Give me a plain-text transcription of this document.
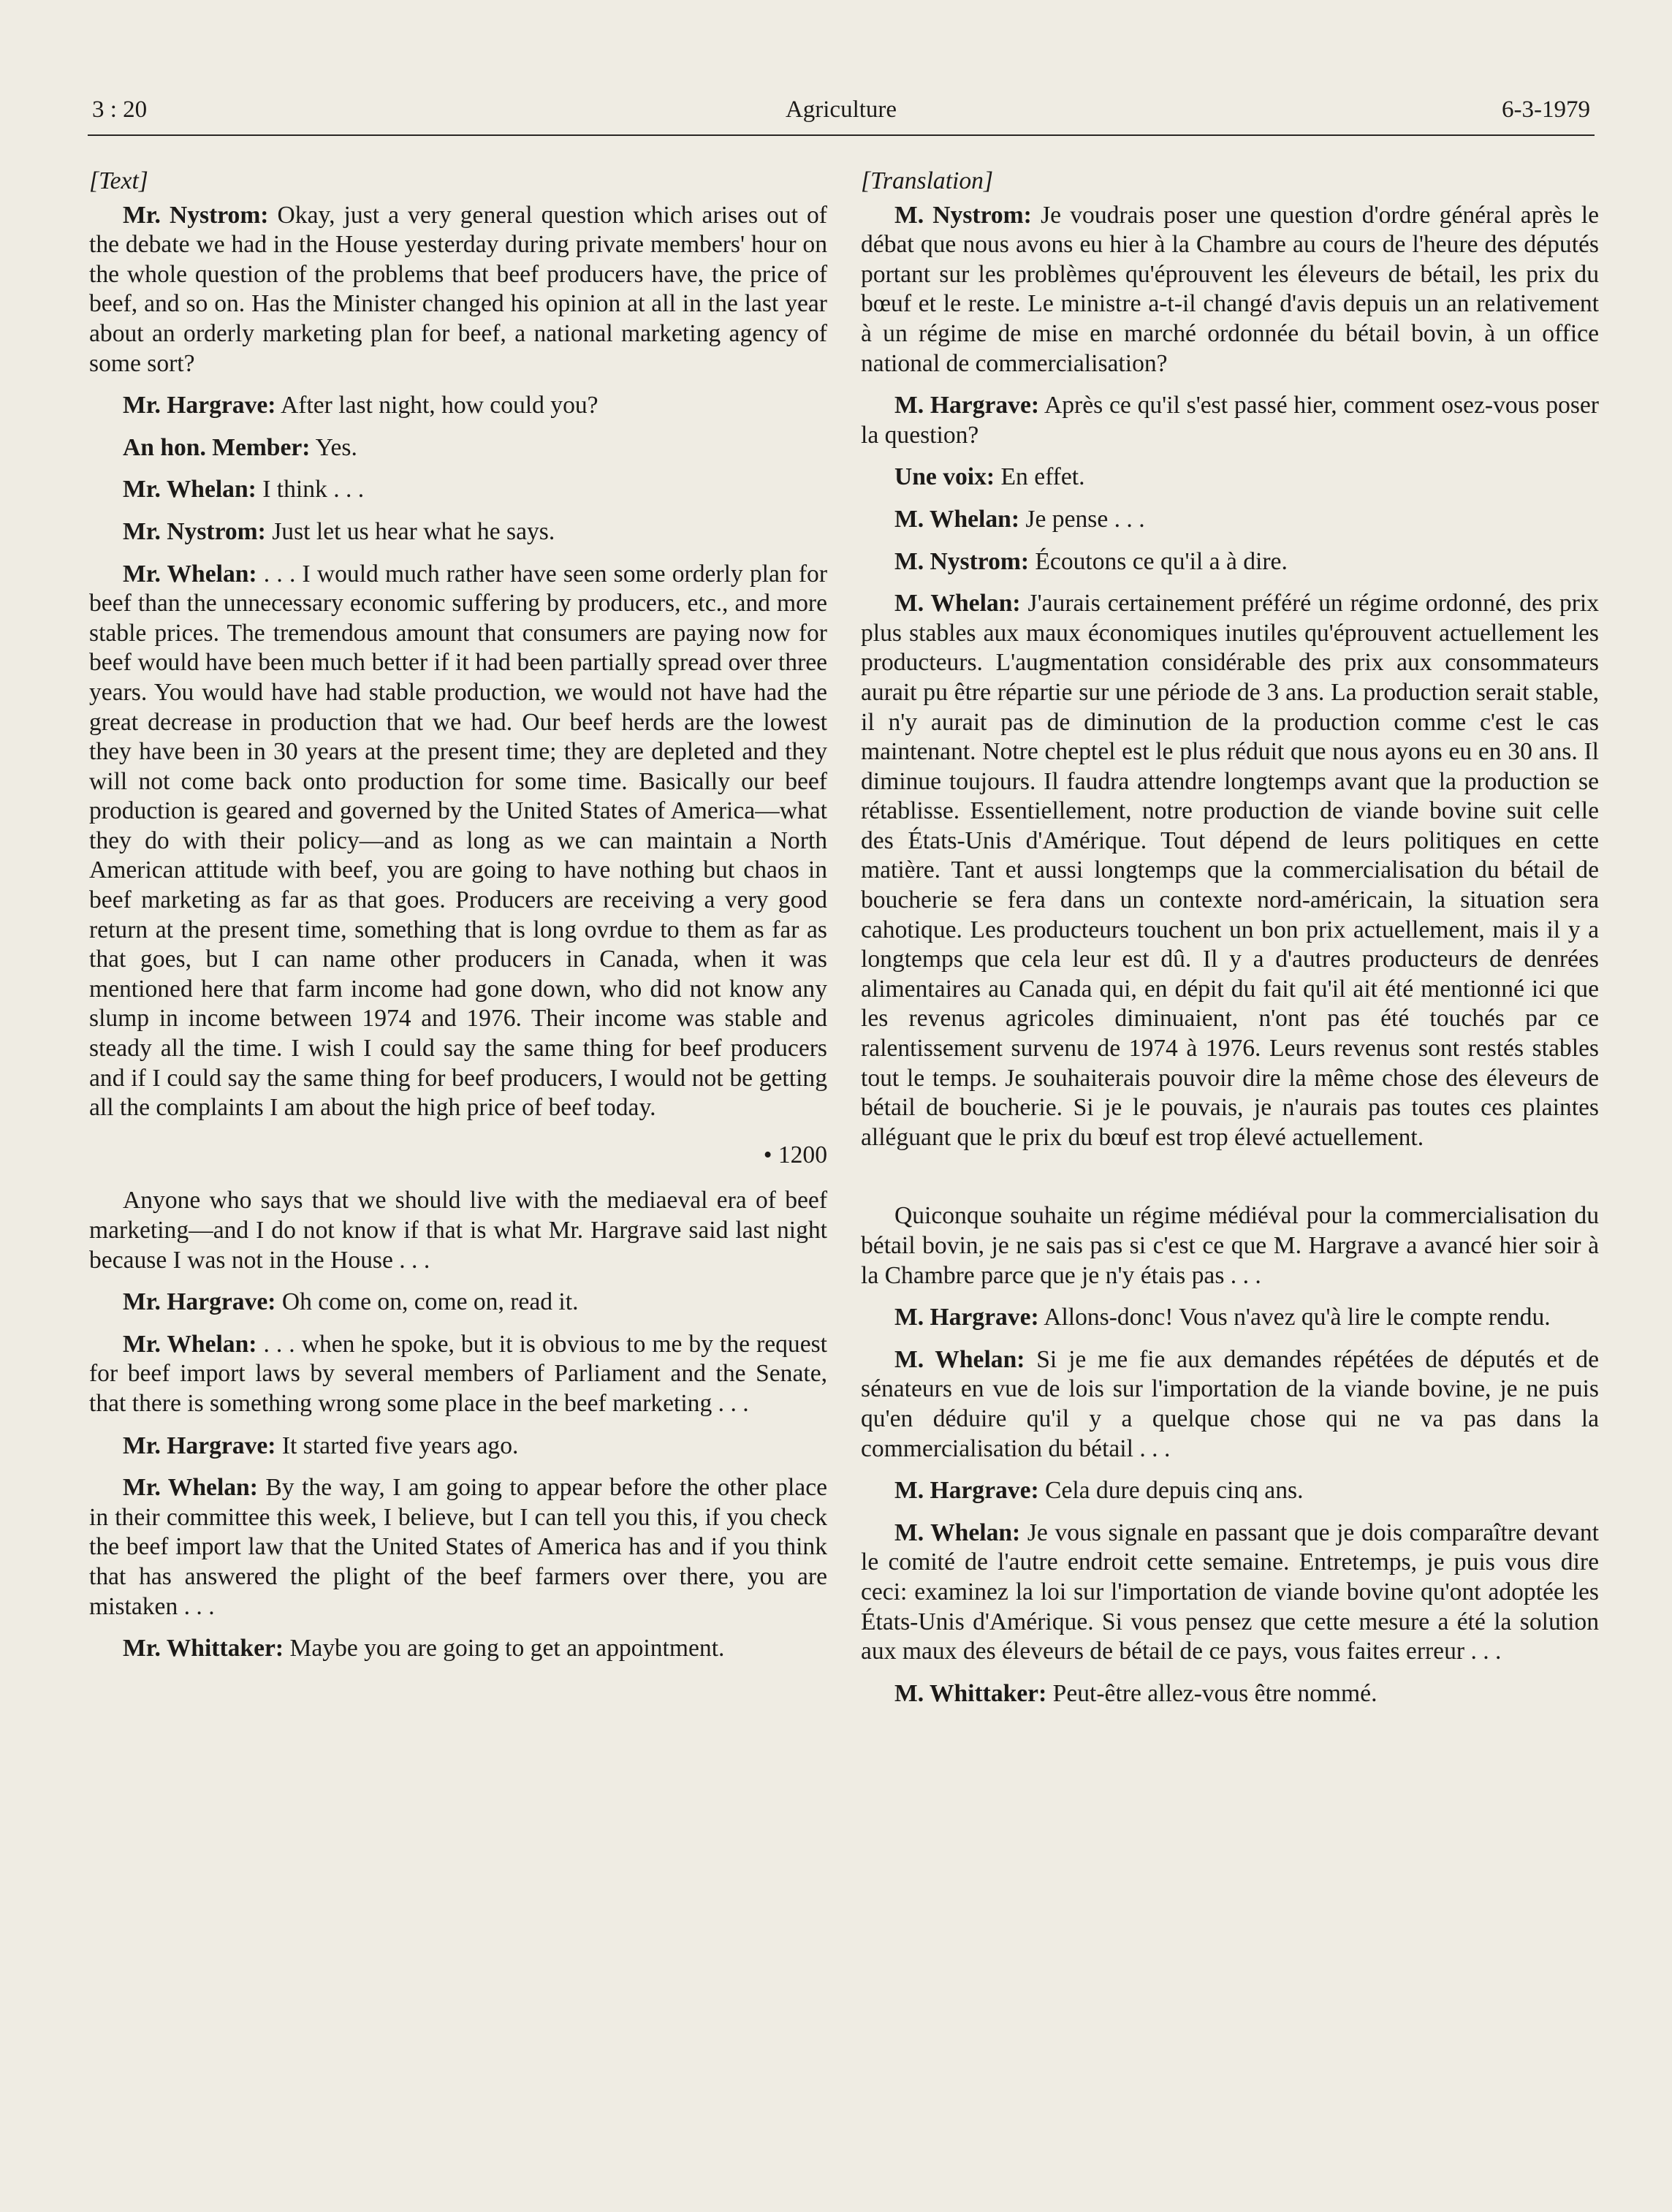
3 : 20	Agriculture	6-3-1979

[Text]

Mr. Nystrom: Okay, just a very general question which arises out of the debate we had in the House yesterday during private members' hour on the whole question of the problems that beef producers have, the price of beef, and so on. Has the Minister changed his opinion at all in the last year about an orderly marketing plan for beef, a national marketing agency of some sort?

Mr. Hargrave: After last night, how could you?

An hon. Member: Yes.

Mr. Whelan: I think . . .

Mr. Nystrom: Just let us hear what he says.

Mr. Whelan: . . . I would much rather have seen some orderly plan for beef than the unnecessary economic suffering by producers, etc., and more stable prices. The tremendous amount that consumers are paying now for beef would have been much better if it had been partially spread over three years. You would have had stable production, we would not have had the great decrease in production that we had. Our beef herds are the lowest they have been in 30 years at the present time; they are depleted and they will not come back onto production for some time. Basically our beef production is geared and governed by the United States of America—what they do with their policy—and as long as we can maintain a North American attitude with beef, you are going to have nothing but chaos in beef marketing as far as that goes. Producers are receiving a very good return at the present time, something that is long ovrdue to them as far as that goes, but I can name other producers in Canada, when it was mentioned here that farm income had gone down, who did not know any slump in income between 1974 and 1976. Their income was stable and steady all the time. I wish I could say the same thing for beef producers and if I could say the same thing for beef producers, I would not be getting all the complaints I am about the high price of beef today.

• 1200

Anyone who says that we should live with the mediaeval era of beef marketing—and I do not know if that is what Mr. Hargrave said last night because I was not in the House . . .

Mr. Hargrave: Oh come on, come on, read it.

Mr. Whelan: . . . when he spoke, but it is obvious to me by the request for beef import laws by several members of Parliament and the Senate, that there is something wrong some place in the beef marketing . . .

Mr. Hargrave: It started five years ago.

Mr. Whelan: By the way, I am going to appear before the other place in their committee this week, I believe, but I can tell you this, if you check the beef import law that the United States of America has and if you think that has answered the plight of the beef farmers over there, you are mistaken . . .

Mr. Whittaker: Maybe you are going to get an appointment.

[Translation]

M. Nystrom: Je voudrais poser une question d'ordre général après le débat que nous avons eu hier à la Chambre au cours de l'heure des députés portant sur les problèmes qu'éprouvent les éleveurs de bétail, les prix du bœuf et le reste. Le ministre a-t-il changé d'avis depuis un an relativement à un régime de mise en marché ordonnée du bétail bovin, à un office national de commercialisation?

M. Hargrave: Après ce qu'il s'est passé hier, comment osez-vous poser la question?

Une voix: En effet.

M. Whelan: Je pense . . .

M. Nystrom: Écoutons ce qu'il a à dire.

M. Whelan: J'aurais certainement préféré un régime ordonné, des prix plus stables aux maux économiques inutiles qu'éprouvent actuellement les producteurs. L'augmentation considérable des prix aux consommateurs aurait pu être répartie sur une période de 3 ans. La production serait stable, il n'y aurait pas de diminution de la production comme c'est le cas maintenant. Notre cheptel est le plus réduit que nous ayons eu en 30 ans. Il diminue toujours. Il faudra attendre longtemps avant que la production se rétablisse. Essentiellement, notre production de viande bovine suit celle des États-Unis d'Amérique. Tout dépend de leurs politiques en cette matière. Tant et aussi longtemps que la commercialisation du bétail de boucherie se fera dans un contexte nord-américain, la situation sera cahotique. Les producteurs touchent un bon prix actuellement, mais il y a longtemps que cela leur est dû. Il y a d'autres producteurs de denrées alimentaires au Canada qui, en dépit du fait qu'il ait été mentionné ici que les revenus agricoles diminuaient, n'ont pas été touchés par ce ralentissement survenu de 1974 à 1976. Leurs revenus sont restés stables tout le temps. Je souhaiterais pouvoir dire la même chose des éleveurs de bétail de boucherie. Si je le pouvais, je n'aurais pas toutes ces plaintes alléguant que le prix du bœuf est trop élevé actuellement.

Quiconque souhaite un régime médiéval pour la commercialisation du bétail bovin, je ne sais pas si c'est ce que M. Hargrave a avancé hier soir à la Chambre parce que je n'y étais pas . . .

M. Hargrave: Allons-donc! Vous n'avez qu'à lire le compte rendu.

M. Whelan: Si je me fie aux demandes répétées de députés et de sénateurs en vue de lois sur l'importation de la viande bovine, je ne puis qu'en déduire qu'il y a quelque chose qui ne va pas dans la commercialisation du bétail . . .

M. Hargrave: Cela dure depuis cinq ans.

M. Whelan: Je vous signale en passant que je dois comparaître devant le comité de l'autre endroit cette semaine. Entretemps, je puis vous dire ceci: examinez la loi sur l'importation de viande bovine qu'ont adoptée les États-Unis d'Amérique. Si vous pensez que cette mesure a été la solution aux maux des éleveurs de bétail de ce pays, vous faites erreur . . .

M. Whittaker: Peut-être allez-vous être nommé.
